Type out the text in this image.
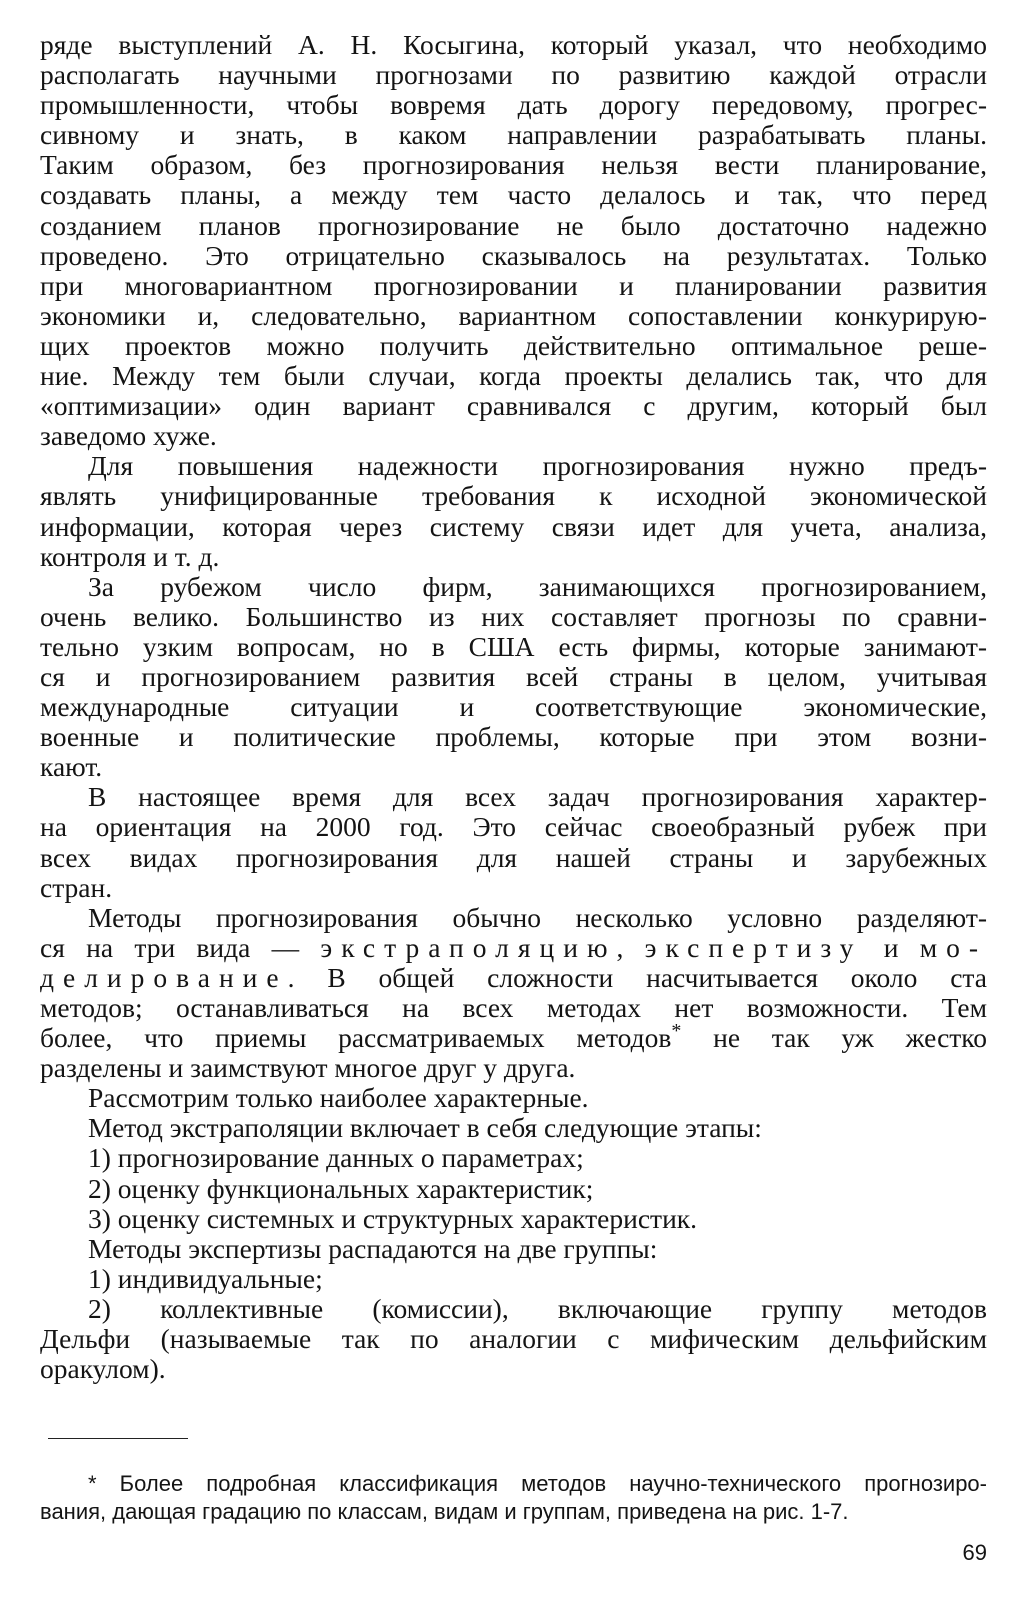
ряде выступлений А. Н. Косыгина, который указал, что необходимо
располагать научными прогнозами по развитию каждой отрасли
промышленности, чтобы вовремя дать дорогу передовому, прогрес-
сивному и знать, в каком направлении разрабатывать планы.
Таким образом, без прогнозирования нельзя вести планирование,
создавать планы, а между тем часто делалось и так, что перед
созданием планов прогнозирование не было достаточно надежно
проведено. Это отрицательно сказывалось на результатах. Только
при многовариантном прогнозировании и планировании развития
экономики и, следовательно, вариантном сопоставлении конкурирую-
щих проектов можно получить действительно оптимальное реше-
ние. Между тем были случаи, когда проекты делались так, что для
«оптимизации» один вариант сравнивался с другим, который был
заведомо хуже.

Для повышения надежности прогнозирования нужно предъ-
являть унифицированные требования к исходной экономической
информации, которая через систему связи идет для учета, анализа,
контроля и т. д.

За рубежом число фирм, занимающихся прогнозированием,
очень велико. Большинство из них составляет прогнозы по сравни-
тельно узким вопросам, но в США есть фирмы, которые занимают-
ся и прогнозированием развития всей страны в целом, учитывая
международные ситуации и соответствующие экономические,
военные и политические проблемы, которые при этом возни-
кают.

В настоящее время для всех задач прогнозирования характер-
на ориентация на 2000 год. Это сейчас своеобразный рубеж при
всех видах прогнозирования для нашей страны и зарубежных
стран.

Методы прогнозирования обычно несколько условно разделяют-
ся на три вида — экстраполяцию, экспертизу и мо-
делирование. В общей сложности насчитывается около ста
методов; останавливаться на всех методах нет возможности. Тем
более, что приемы рассматриваемых методов* не так уж жестко
разделены и заимствуют многое друг у друга.

Рассмотрим только наиболее характерные.

Метод экстраполяции включает в себя следующие этапы:

1) прогнозирование данных о параметрах;

2) оценку функциональных характеристик;

3) оценку системных и структурных характеристик.

Методы экспертизы распадаются на две группы:

1) индивидуальные;

2) коллективные (комиссии), включающие группу методов
Дельфи (называемые так по аналогии с мифическим дельфийским
оракулом).

* Более подробная классификация методов научно-технического прогнозиро-
вания, дающая градацию по классам, видам и группам, приведена на рис. 1-7.
69
